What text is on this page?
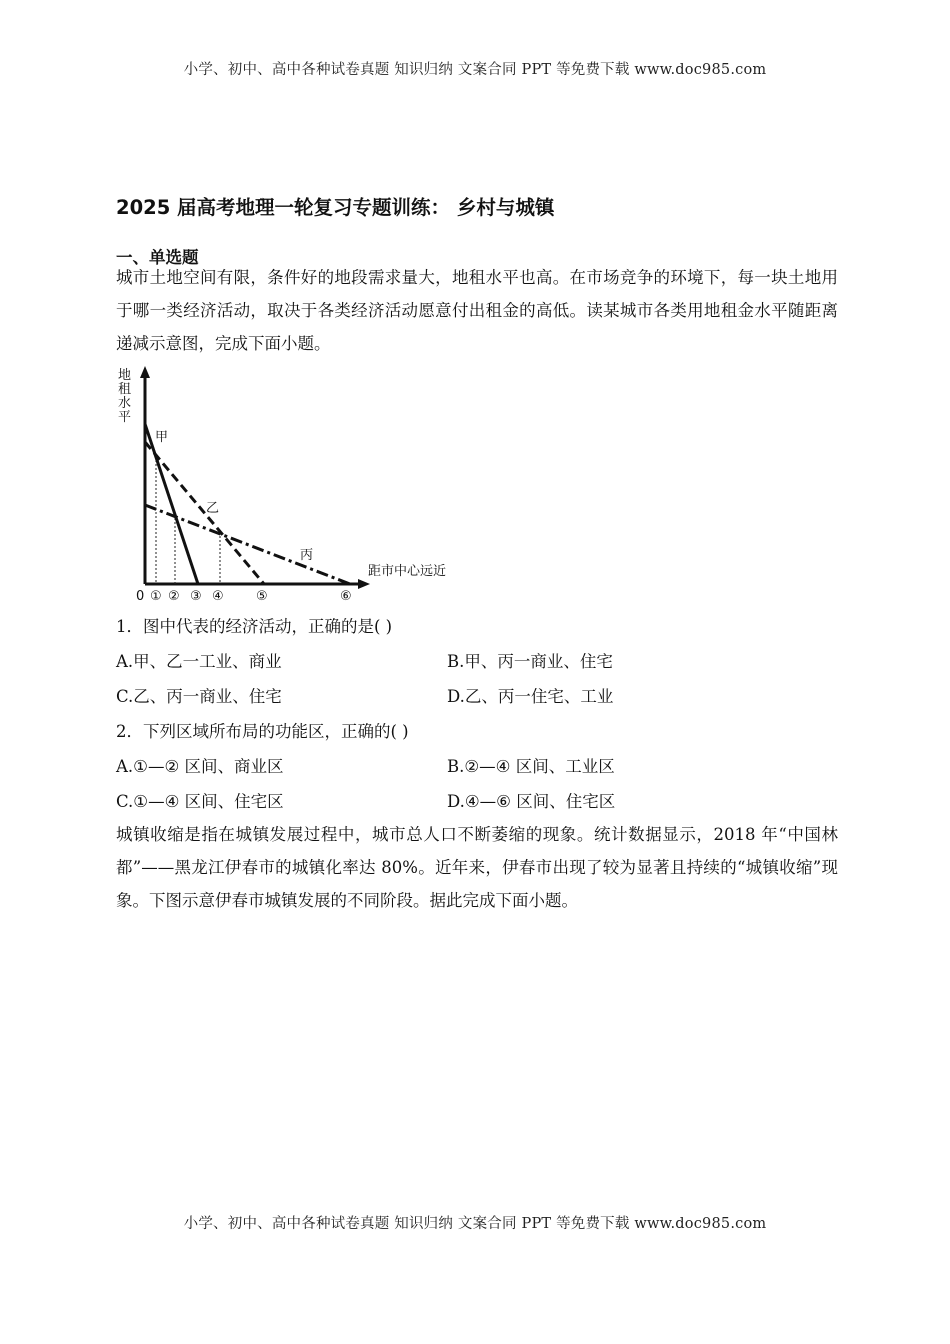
小学、初中、高中各种试卷真题 知识归纳 文案合同 PPT 等免费下载 www.doc985.com
2025 届高考地理一轮复习专题训练： 乡村与城镇
一、单选题
城市土地空间有限，条件好的地段需求量大，地租水平也高。在市场竞争的环境下，每一块土地用于哪一类经济活动，取决于各类经济活动愿意付出租金的高低。读某城市各类用地租金水平随距离递减示意图，完成下面小题。
地
租
水
平
距市中心远近
甲
乙
丙
0 ① ② ③ ④ ⑤	⑥
1．图中代表的经济活动，正确的是( )
A.甲、乙一工业、商业	B.甲、丙一商业、住宅
C.乙、丙一商业、住宅	D.乙、丙一住宅、工业
2．下列区域所布局的功能区，正确的( )
A.①—② 区间、商业区	B.②—④ 区间、工业区
C.①—④ 区间、住宅区	D.④—⑥ 区间、住宅区
城镇收缩是指在城镇发展过程中，城市总人口不断萎缩的现象。统计数据显示，2018 年“中国林都”——黑龙江伊春市的城镇化率达 80%。近年来，伊春市出现了较为显著且持续的“城镇收缩”现象。下图示意伊春市城镇发展的不同阶段。据此完成下面小题。
小学、初中、高中各种试卷真题 知识归纳 文案合同 PPT 等免费下载 www.doc985.com
